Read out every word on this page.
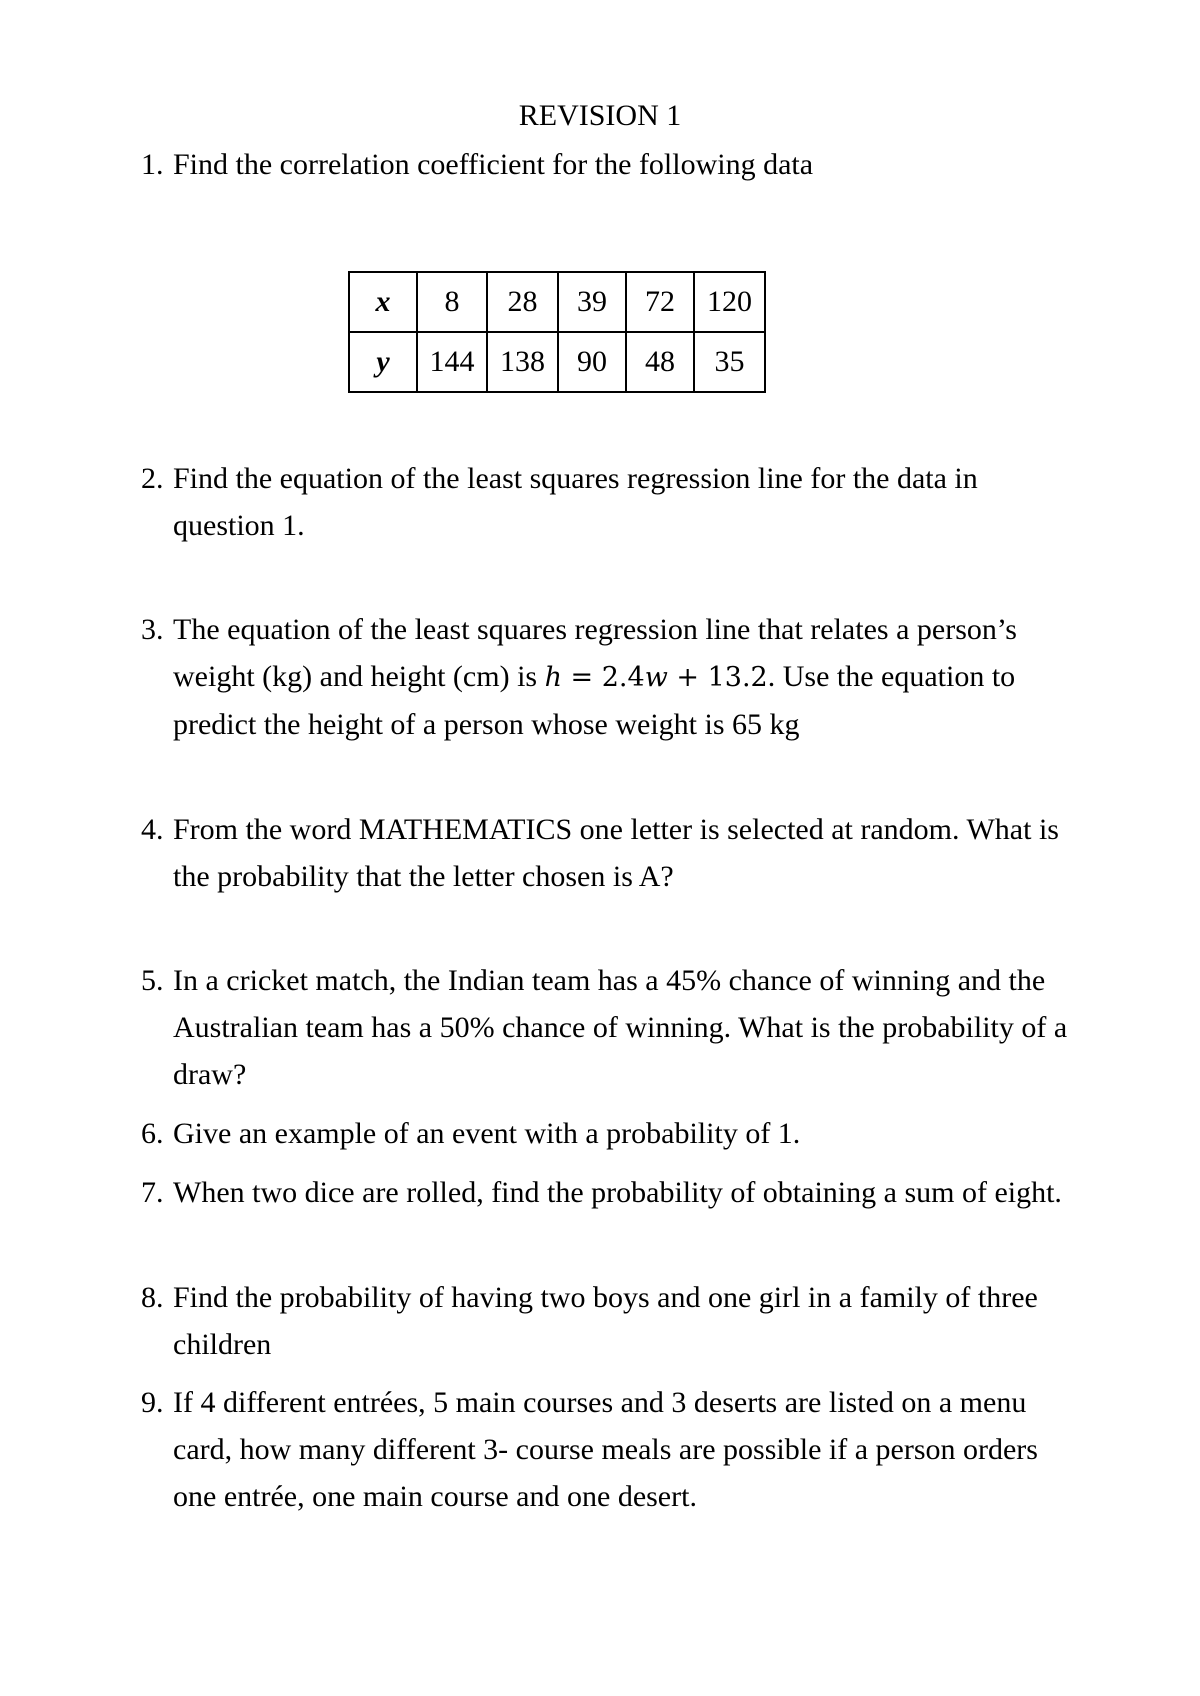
REVISION 1
1. Find the correlation coefficient for the following data
x	8	28	39	72	120
y	144	138	90	48	35
2. Find the equation of the least squares regression line for the data in question 1.
3. The equation of the least squares regression line that relates a person’s weight (kg) and height (cm) is h = 2.4w + 13.2. Use the equation to predict the height of a person whose weight is 65 kg
4. From the word MATHEMATICS one letter is selected at random. What is the probability that the letter chosen is A?
5. In a cricket match, the Indian team has a 45% chance of winning and the Australian team has a 50% chance of winning. What is the probability of a draw?
6. Give an example of an event with a probability of 1.
7. When two dice are rolled, find the probability of obtaining a sum of eight.
8. Find the probability of having two boys and one girl in a family of three children
9. If 4 different entrées, 5 main courses and 3 deserts are listed on a menu card, how many different 3- course meals are possible if a person orders one entrée, one main course and one desert.
